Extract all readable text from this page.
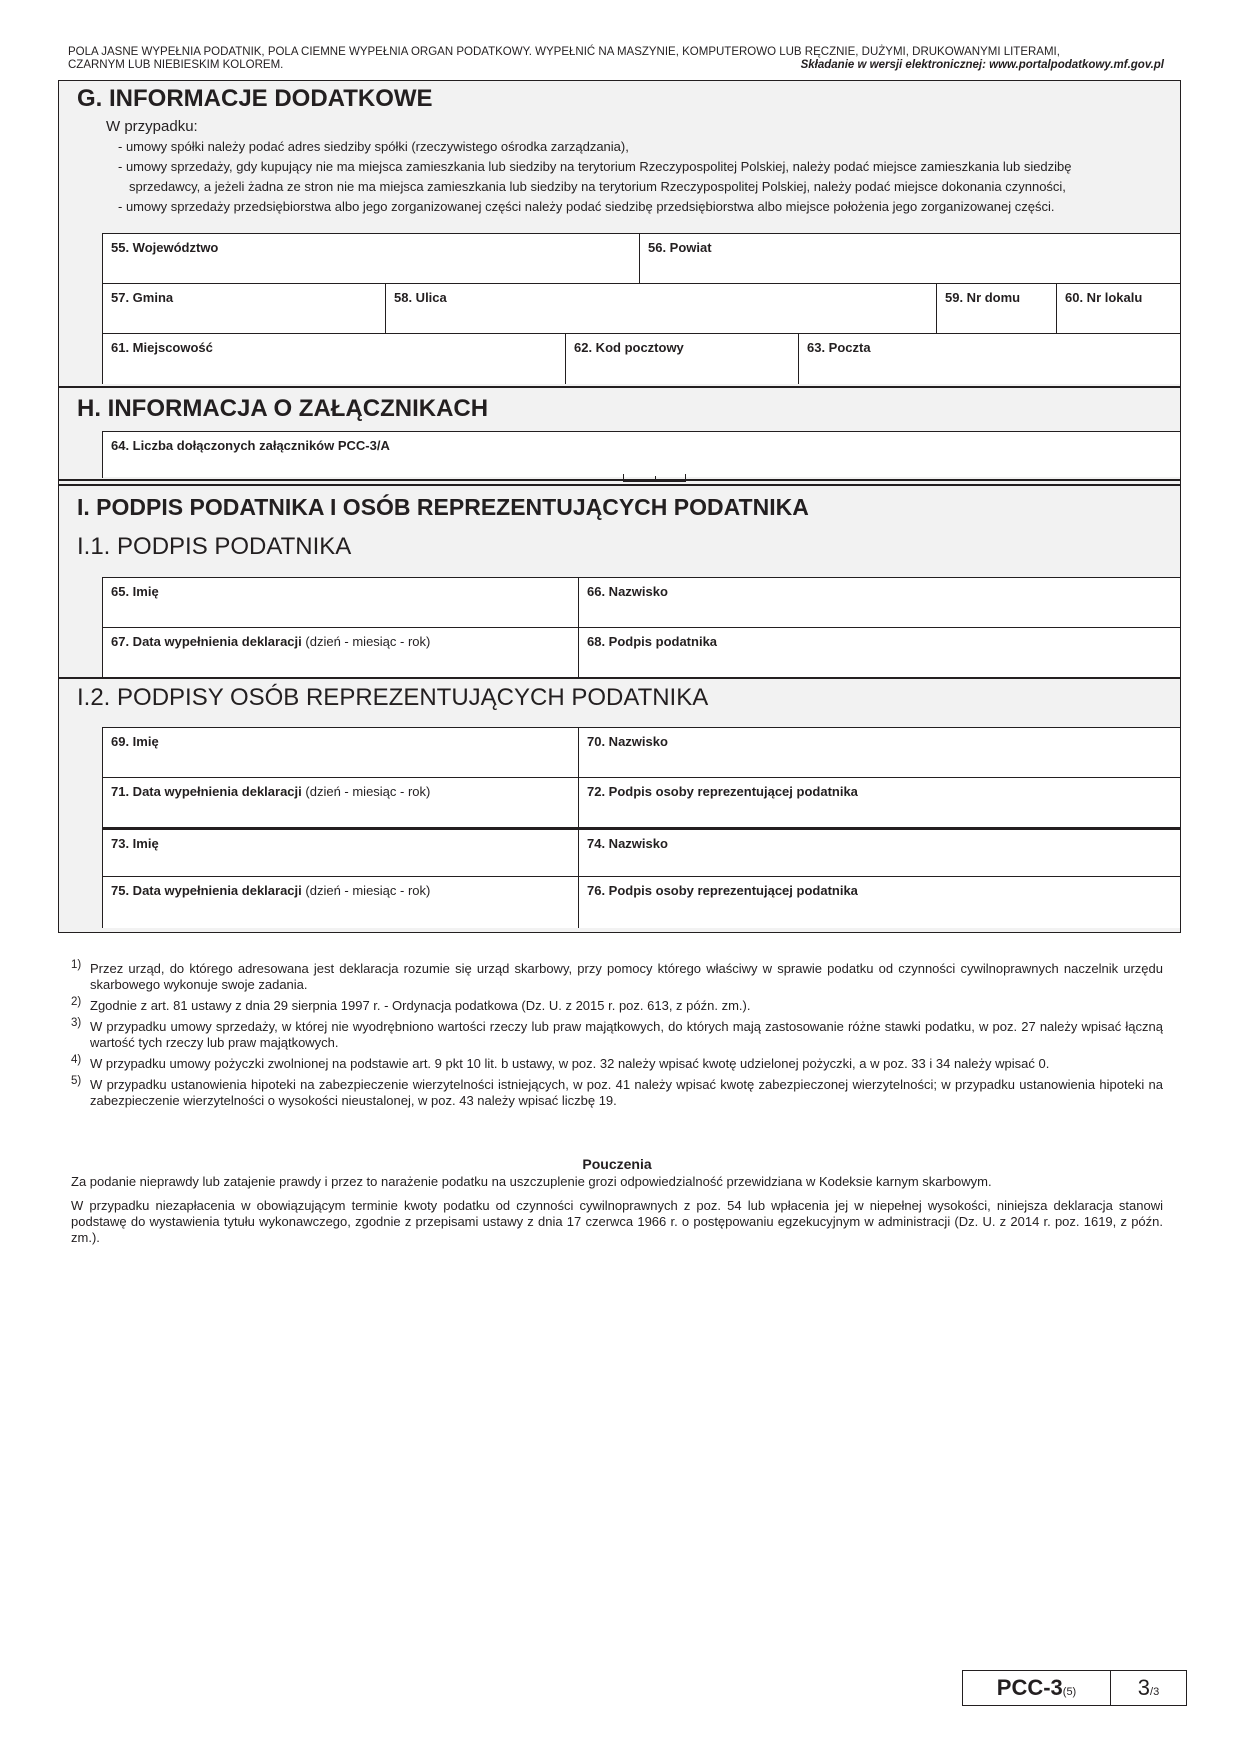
POLA JASNE WYPEŁNIA PODATNIK, POLA CIEMNE WYPEŁNIA ORGAN PODATKOWY. WYPEŁNIĆ NA MASZYNIE, KOMPUTEROWO LUB RĘCZNIE, DUŻYMI, DRUKOWANYMI LITERAMI,
CZARNYM LUB NIEBIESKIM KOLOREM.	Składanie w wersji elektronicznej: www.portalpodatkowy.mf.gov.pl
G. INFORMACJE DODATKOWE
W przypadku:
- umowy spółki należy podać adres siedziby spółki (rzeczywistego ośrodka zarządzania),
- umowy sprzedaży, gdy kupujący nie ma miejsca zamieszkania lub siedziby na terytorium Rzeczypospolitej Polskiej, należy podać miejsce zamieszkania lub siedzibę
sprzedawcy, a jeżeli żadna ze stron nie ma miejsca zamieszkania lub siedziby na terytorium Rzeczypospolitej Polskiej, należy podać miejsce dokonania czynności,
- umowy sprzedaży przedsiębiorstwa albo jego zorganizowanej części należy podać siedzibę przedsiębiorstwa albo miejsce położenia jego zorganizowanej części.
55. Województwo	56. Powiat
57. Gmina	58. Ulica	59. Nr domu	60. Nr lokalu
61. Miejscowość	62. Kod pocztowy	63. Poczta
H. INFORMACJA O ZAŁĄCZNIKACH
64. Liczba dołączonych załączników PCC-3/A
I. PODPIS PODATNIKA I OSÓB REPREZENTUJĄCYCH PODATNIKA
I.1. PODPIS PODATNIKA
65. Imię	66. Nazwisko
67. Data wypełnienia deklaracji (dzień - miesiąc - rok)	68. Podpis podatnika
I.2. PODPISY OSÓB REPREZENTUJĄCYCH PODATNIKA
69. Imię	70. Nazwisko
71. Data wypełnienia deklaracji (dzień - miesiąc - rok)	72. Podpis osoby reprezentującej podatnika
73. Imię	74. Nazwisko
75. Data wypełnienia deklaracji (dzień - miesiąc - rok)	76. Podpis osoby reprezentującej podatnika
1) Przez urząd, do którego adresowana jest deklaracja rozumie się urząd skarbowy, przy pomocy którego właściwy w sprawie podatku od czynności cywilnoprawnych naczelnik urzędu skarbowego wykonuje swoje zadania.
2) Zgodnie z art. 81 ustawy z dnia 29 sierpnia 1997 r. - Ordynacja podatkowa (Dz. U. z 2015 r. poz. 613, z późn. zm.).
3) W przypadku umowy sprzedaży, w której nie wyodrębniono wartości rzeczy lub praw majątkowych, do których mają zastosowanie różne stawki podatku, w poz. 27 należy wpisać łączną wartość tych rzeczy lub praw majątkowych.
4) W przypadku umowy pożyczki zwolnionej na podstawie art. 9 pkt 10 lit. b ustawy, w poz. 32 należy wpisać kwotę udzielonej pożyczki, a w poz. 33 i 34 należy wpisać 0.
5) W przypadku ustanowienia hipoteki na zabezpieczenie wierzytelności istniejących, w poz. 41 należy wpisać kwotę zabezpieczonej wierzytelności; w przypadku ustanowienia hipoteki na zabezpieczenie wierzytelności o wysokości nieustalonej, w poz. 43 należy wpisać liczbę 19.
Pouczenia

Za podanie nieprawdy lub zatajenie prawdy i przez to narażenie podatku na uszczuplenie grozi odpowiedzialność przewidziana w Kodeksie karnym skarbowym.

W przypadku niezapłacenia w obowiązującym terminie kwoty podatku od czynności cywilnoprawnych z poz. 54 lub wpłacenia jej w niepełnej wysokości, niniejsza deklaracja stanowi podstawę do wystawienia tytułu wykonawczego, zgodnie z przepisami ustawy z dnia 17 czerwca 1966 r. o postępowaniu egzekucyjnym w administracji (Dz. U. z 2014 r. poz. 1619, z późn. zm.).

PCC-3 (5)	3 /3
